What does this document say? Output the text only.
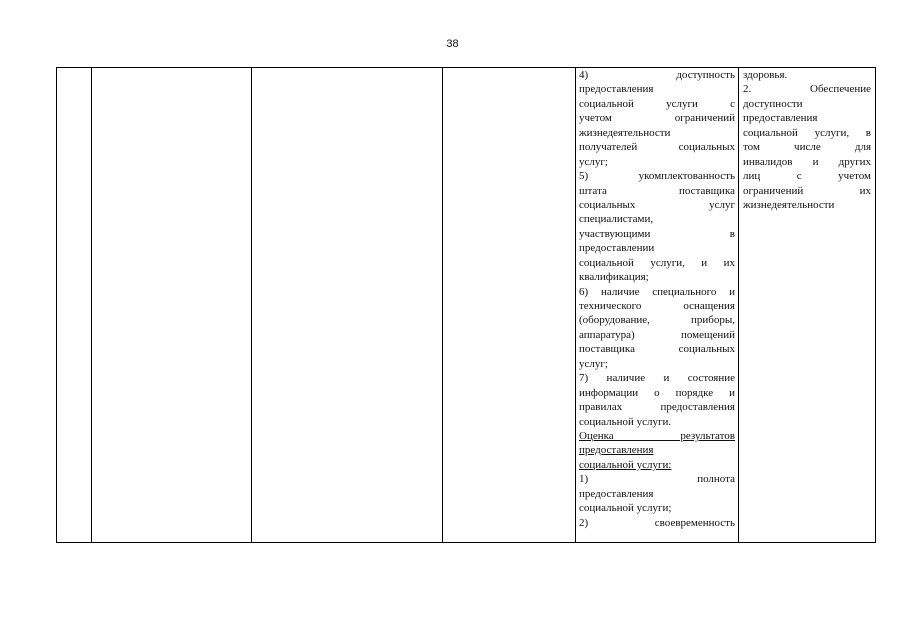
38
4) доступность
предоставления
социальной услуги с
учетом ограничений
жизнедеятельности
получателей социальных
услуг;
5) укомплектованность
штата поставщика
социальных услуг
специалистами,
участвующими в
предоставлении
социальной услуги, и их
квалификация;
6) наличие специального и
технического оснащения
(оборудование, приборы,
аппаратура) помещений
поставщика социальных
услуг;
7) наличие и состояние
информации о порядке и
правилах предоставления
социальной услуги.
Оценка результатов
предоставления
социальной услуги:
1) полнота
предоставления
социальной услуги;
2) своевременность
здоровья.
2. Обеспечение
доступности
предоставления
социальной услуги, в
том числе для
инвалидов и других
лиц с учетом
ограничений их
жизнедеятельности
